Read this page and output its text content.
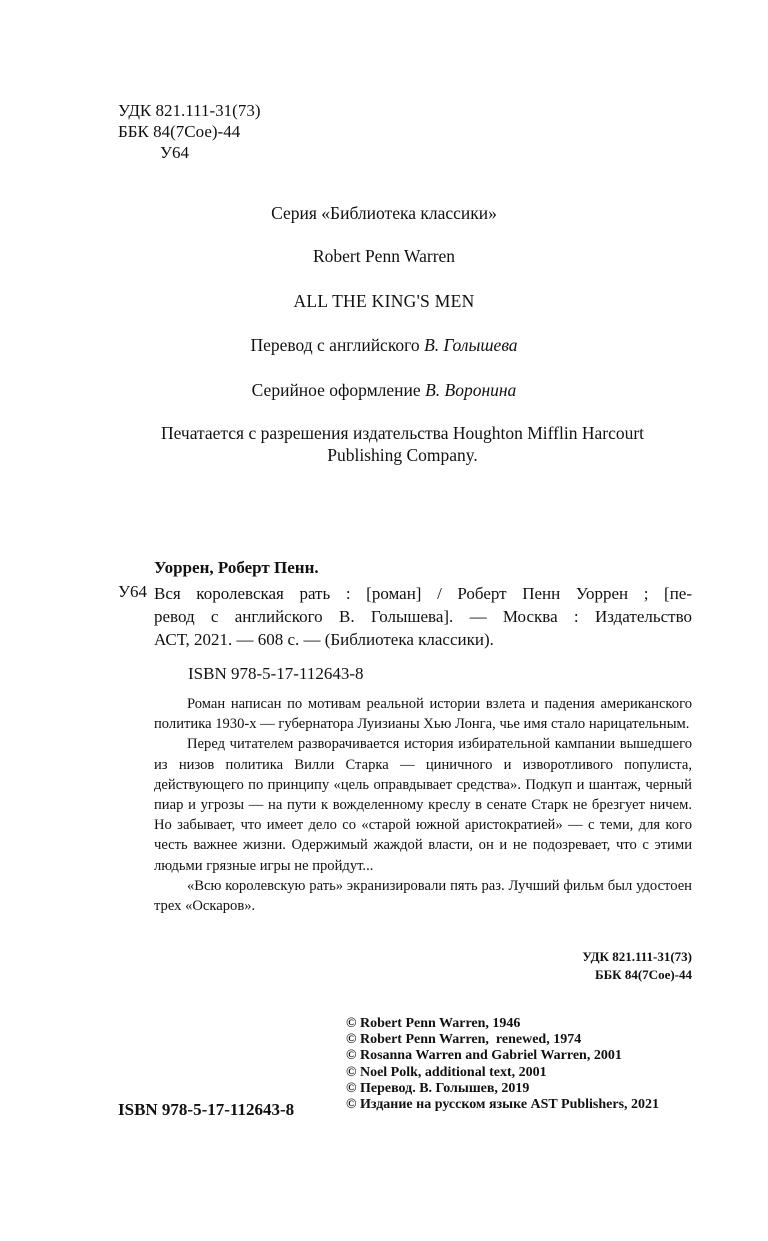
УДК 821.111-31(73)
ББК 84(7Сое)-44
У64
Серия «Библиотека классики»
Robert Penn Warren
ALL THE KING'S MEN
Перевод с английского В. Голышева
Серийное оформление В. Воронина
Печатается с разрешения издательства Houghton Mifflin Harcourt
Publishing Company.
Уоррен, Роберт Пенн.
У64 Вся королевская рать : [роман] / Роберт Пенн Уоррен ; [пе-
ревод с английского В. Голышева]. — Москва : Издательство
АСТ, 2021. — 608 с. — (Библиотека классики).
ISBN 978-5-17-112643-8

Роман написан по мотивам реальной истории взлета и падения американского политика 1930-х — губернатора Луизианы Хью Лонга, чье имя стало нарицательным.

Перед читателем разворачивается история избирательной кампании вышедшего из низов политика Вилли Старка — циничного и изворотливого популиста, действующего по принципу «цель оправдывает средства». Подкуп и шантаж, черный пиар и угрозы — на пути к вожделенному креслу в сенате Старк не брезгует ничем. Но забывает, что имеет дело со «старой южной аристократией» — с теми, для кого честь важнее жизни. Одержимый жаждой власти, он и не подозревает, что с этими людьми грязные игры не пройдут...

«Всю королевскую рать» экранизировали пять раз. Лучший фильм был удостоен трех «Оскаров».

УДК 821.111-31(73)
ББК 84(7Сое)-44
© Robert Penn Warren, 1946
© Robert Penn Warren,  renewed, 1974
© Rosanna Warren and Gabriel Warren, 2001
© Noel Polk, additional text, 2001
© Перевод. В. Голышев, 2019
© Издание на русском языке AST Publishers, 2021
ISBN 978-5-17-112643-8
